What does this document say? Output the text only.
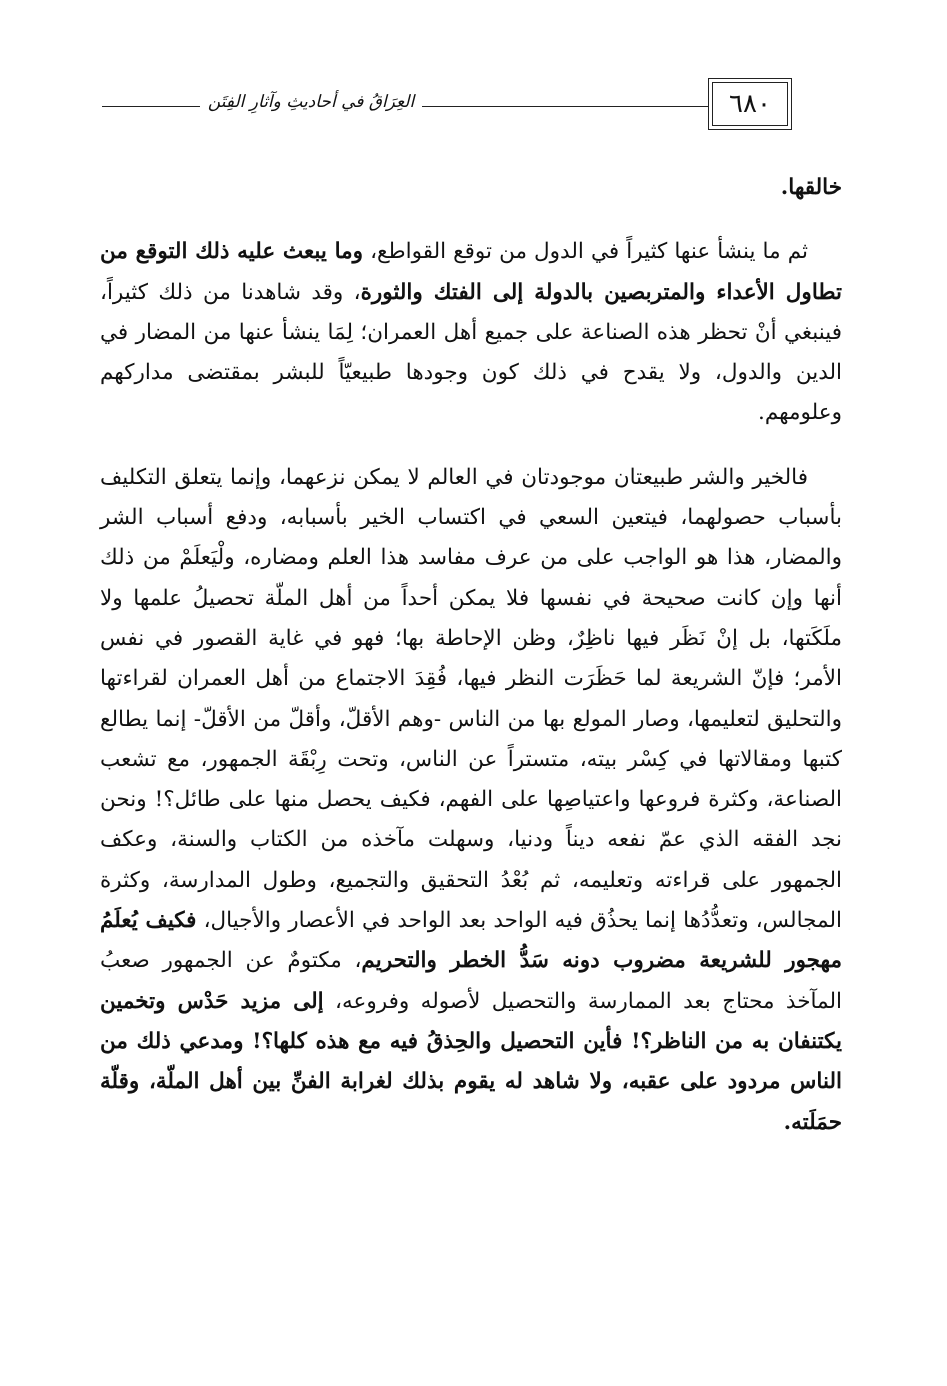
العِرَاقُ في أحاديثِ وآثارِ الفِتَن	٦٨٠

خالقها.

ثم ما ينشأ عنها كثيراً في الدول من توقع القواطع، وما يبعث عليه ذلك التوقع من تطاول الأعداء والمتربصين بالدولة إلى الفتك والثورة، وقد شاهدنا من ذلك كثيراً، فينبغي أنْ تحظر هذه الصناعة على جميع أهل العمران؛ لِمَا ينشأ عنها من المضار في الدين والدول، ولا يقدح في ذلك كون وجودها طبيعيّاً للبشر بمقتضى مداركهم وعلومهم.

فالخير والشر طبيعتان موجودتان في العالم لا يمكن نزعهما، وإنما يتعلق التكليف بأسباب حصولهما، فيتعين السعي في اكتساب الخير بأسبابه، ودفع أسباب الشر والمضار، هذا هو الواجب على من عرف مفاسد هذا العلم ومضاره، ولْيَعلَمْ من ذلك أنها وإن كانت صحيحة في نفسها فلا يمكن أحداً من أهل الملّة تحصيلُ علمها ولا ملَكَتها، بل إنْ نَظَر فيها ناظِرٌ، وظن الإحاطة بها؛ فهو في غاية القصور في نفس الأمر؛ فإنّ الشريعة لما حَظَرَت النظر فيها، فُقِدَ الاجتماع من أهل العمران لقراءتها والتحليق لتعليمها، وصار المولع بها من الناس -وهم الأقلّ، وأقلّ من الأقلّ- إنما يطالع كتبها ومقالاتها في كِسْر بيته، متستراً عن الناس، وتحت رِبْقَة الجمهور، مع تشعب الصناعة، وكثرة فروعها واعتياصِها على الفهم، فكيف يحصل منها على طائل؟! ونحن نجد الفقه الذي عمّ نفعه ديناً ودنيا، وسهلت مآخذه من الكتاب والسنة، وعكف الجمهور على قراءته وتعليمه، ثم بُعْدُ التحقيق والتجميع، وطول المدارسة، وكثرة المجالس، وتعدُّدُها إنما يحذُق فيه الواحد بعد الواحد في الأعصار والأجيال، فكيف يُعلَمُ مهجور للشريعة مضروب دونه سَدُّ الخطر والتحريم، مكتومٌ عن الجمهور صعبُ المآخذ محتاج بعد الممارسة والتحصيل لأصوله وفروعه، إلى مزيد حَدْس وتخمين يكتنفان به من الناظر؟! فأين التحصيل والحِذقُ فيه مع هذه كلها؟! ومدعي ذلك من الناس مردود على عقبه، ولا شاهد له يقوم بذلك لغرابة الفنِّ بين أهل الملّة، وقلّة حمَلَته.
